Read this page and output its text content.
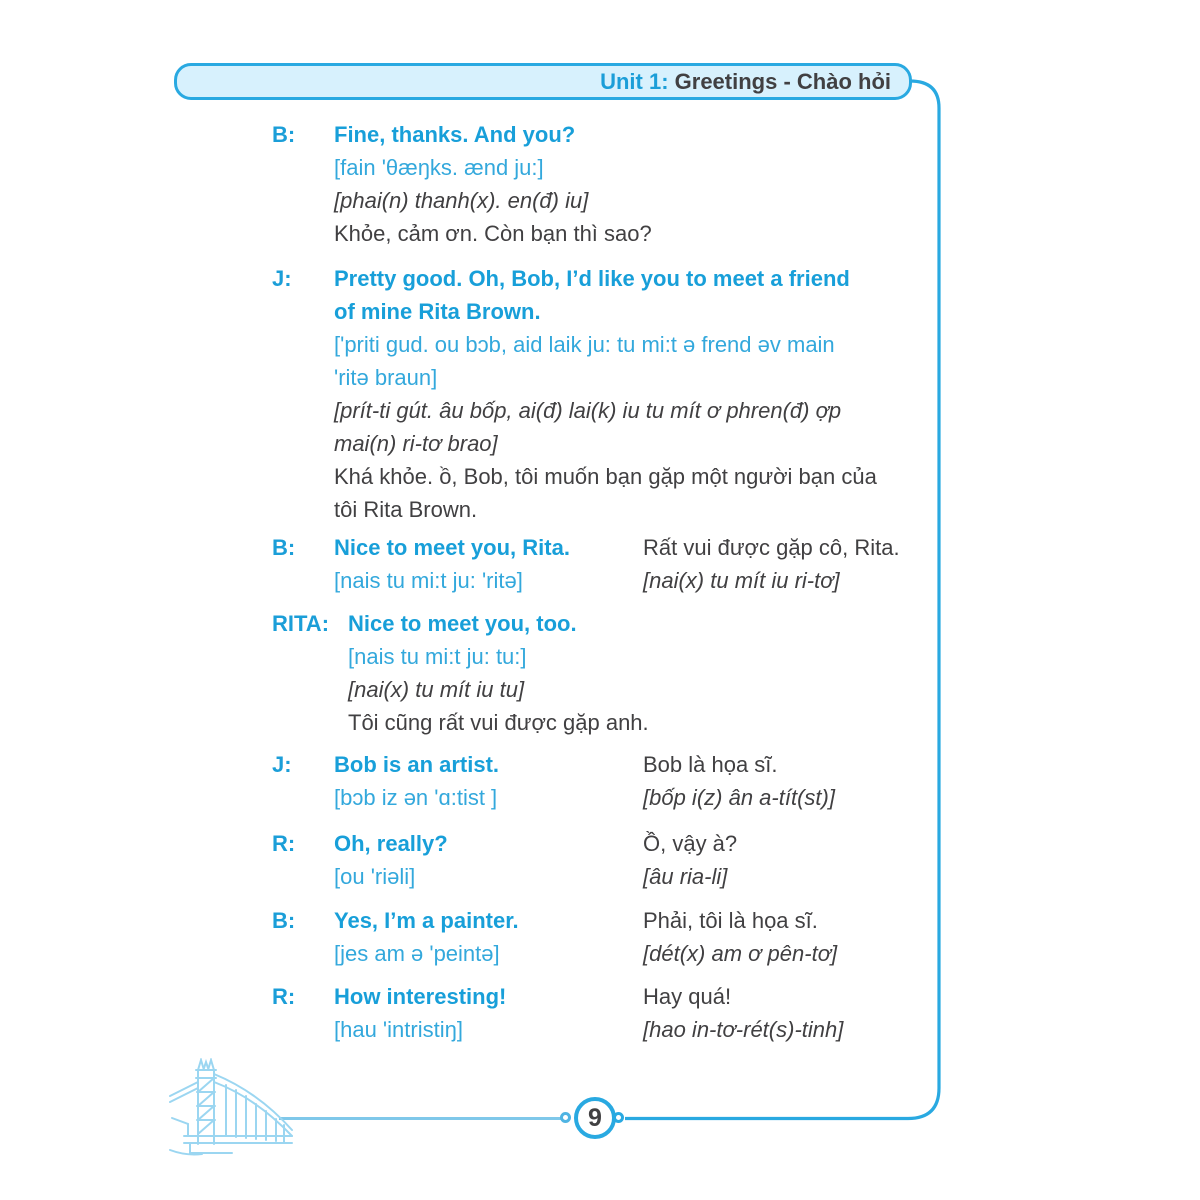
Unit 1: Greetings - Chào hỏi
B: Fine, thanks. And you?
[fain 'θæŋks. ænd ju:]
[phai(n) thanh(x). en(đ) iu]
Khỏe, cảm ơn. Còn bạn thì sao?
J: Pretty good. Oh, Bob, I’d like you to meet a friend
of mine Rita Brown.
['priti gud. ou bɔb, aid laik ju: tu mi:t ə frend əv main
'ritə braun]
[prít-ti gút. âu bốp, ai(đ) lai(k) iu tu mít ơ phren(đ) ợp
mai(n) ri-tơ brao]
Khá khỏe. ồ, Bob, tôi muốn bạn gặp một người bạn của
tôi Rita Brown.
B: Nice to meet you, Rita.
[nais tu mi:t ju: 'ritə]
Rất vui được gặp cô, Rita.
[nai(x) tu mít iu ri-tơ]
RITA: Nice to meet you, too.
[nais tu mi:t ju: tu:]
[nai(x) tu mít iu tu]
Tôi cũng rất vui được gặp anh.
J: Bob is an artist.
[bɔb iz ən 'ɑ:tist ]
Bob là họa sĩ.
[bốp i(z) ân a-tít(st)]
R: Oh, really?
[ou 'riəli]
Ồ, vậy à?
[âu ria-li]
B: Yes, I’m a painter.
[jes am ə 'peintə]
Phải, tôi là họa sĩ.
[dét(x) am ơ pên-tơ]
R: How interesting!
[hau 'intristiŋ]
Hay quá!
[hao in-tơ-rét(s)-tinh]
9
